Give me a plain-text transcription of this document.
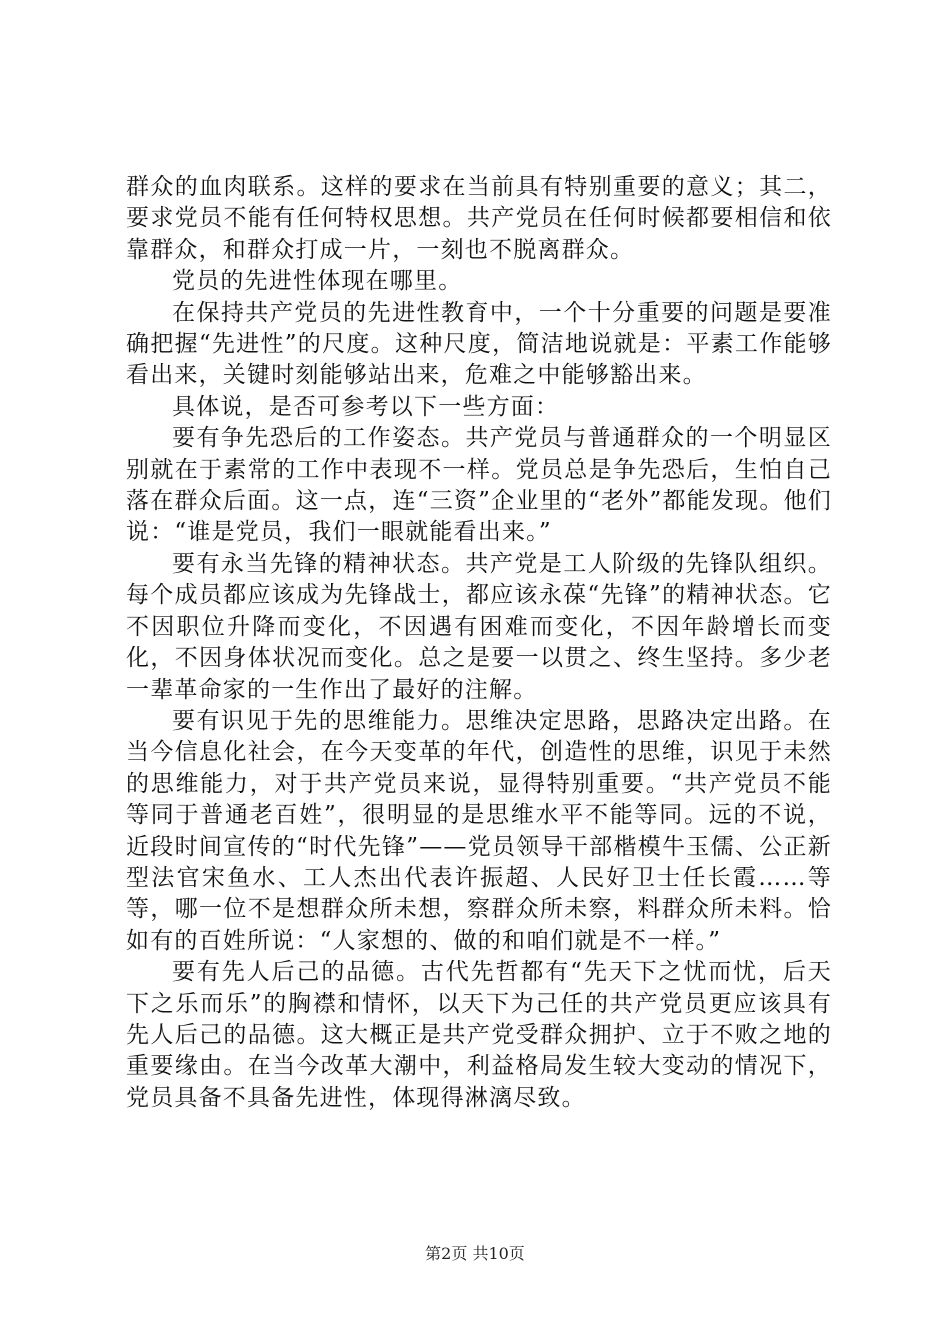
群众的血肉联系。这样的要求在当前具有特别重要的意义；其二，要求党员不能有任何特权思想。共产党员在任何时候都要相信和依靠群众，和群众打成一片，一刻也不脱离群众。

党员的先进性体现在哪里。

在保持共产党员的先进性教育中，一个十分重要的问题是要准确把握“先进性”的尺度。这种尺度，简洁地说就是：平素工作能够看出来，关键时刻能够站出来，危难之中能够豁出来。

具体说，是否可参考以下一些方面：

要有争先恐后的工作姿态。共产党员与普通群众的一个明显区别就在于素常的工作中表现不一样。党员总是争先恐后，生怕自己落在群众后面。这一点，连“三资”企业里的“老外”都能发现。他们说：“谁是党员，我们一眼就能看出来。”

要有永当先锋的精神状态。共产党是工人阶级的先锋队组织。每个成员都应该成为先锋战士，都应该永葆“先锋”的精神状态。它不因职位升降而变化，不因遇有困难而变化，不因年龄增长而变化，不因身体状况而变化。总之是要一以贯之、终生坚持。多少老一辈革命家的一生作出了最好的注解。

要有识见于先的思维能力。思维决定思路，思路决定出路。在当今信息化社会，在今天变革的年代，创造性的思维，识见于未然的思维能力，对于共产党员来说，显得特别重要。“共产党员不能等同于普通老百姓”，很明显的是思维水平不能等同。远的不说，近段时间宣传的“时代先锋”——党员领导干部楷模牛玉儒、公正新型法官宋鱼水、工人杰出代表许振超、人民好卫士任长霞……等等，哪一位不是想群众所未想，察群众所未察，料群众所未料。恰如有的百姓所说：“人家想的、做的和咱们就是不一样。”

要有先人后己的品德。古代先哲都有“先天下之忧而忧，后天下之乐而乐”的胸襟和情怀，以天下为己任的共产党员更应该具有先人后己的品德。这大概正是共产党受群众拥护、立于不败之地的重要缘由。在当今改革大潮中，利益格局发生较大变动的情况下，党员具备不具备先进性，体现得淋漓尽致。

第2页 共10页
